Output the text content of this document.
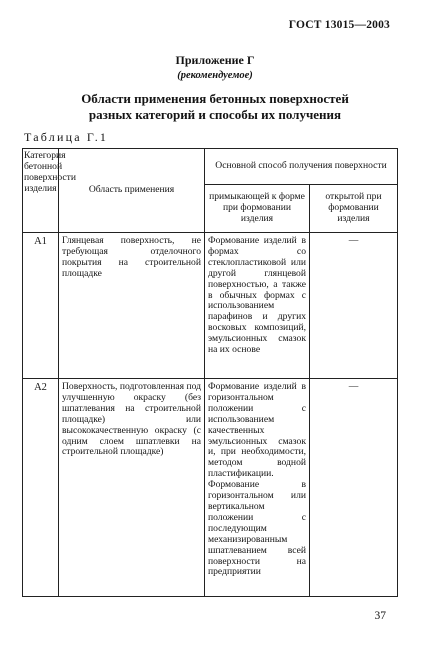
ГОСТ 13015—2003
Приложение Г
(рекомендуемое)
Области применения бетонных поверхностей
разных категорий и способы их получения
Таблица Г.1
Категория бетонной поверхности изделия	Область применения	Основной способ получения поверхности	
		примыкающей к форме при формовании изделия	открытой при формовании изделия
А1	Глянцевая поверхность, не требующая отделочного покрытия на строительной площадке	Формование изделий в формах со стеклопластиковой или другой глянцевой поверхностью, а также в обычных формах с использованием парафинов и других восковых композиций, эмульсионных смазок на их основе	—
А2	Поверхность, подготовленная под улучшенную окраску (без шпатлевания на строительной площадке) или высококачественную окраску (с одним слоем шпатлевки на строительной площадке)	Формование изделий в горизонтальном положении с использованием качественных эмульсионных смазок и, при необходимости, методом водной пластификации. Формование в горизонтальном или вертикальном положении с последующим механизированным шпатлеванием всей поверхности на предприятии	—
37
